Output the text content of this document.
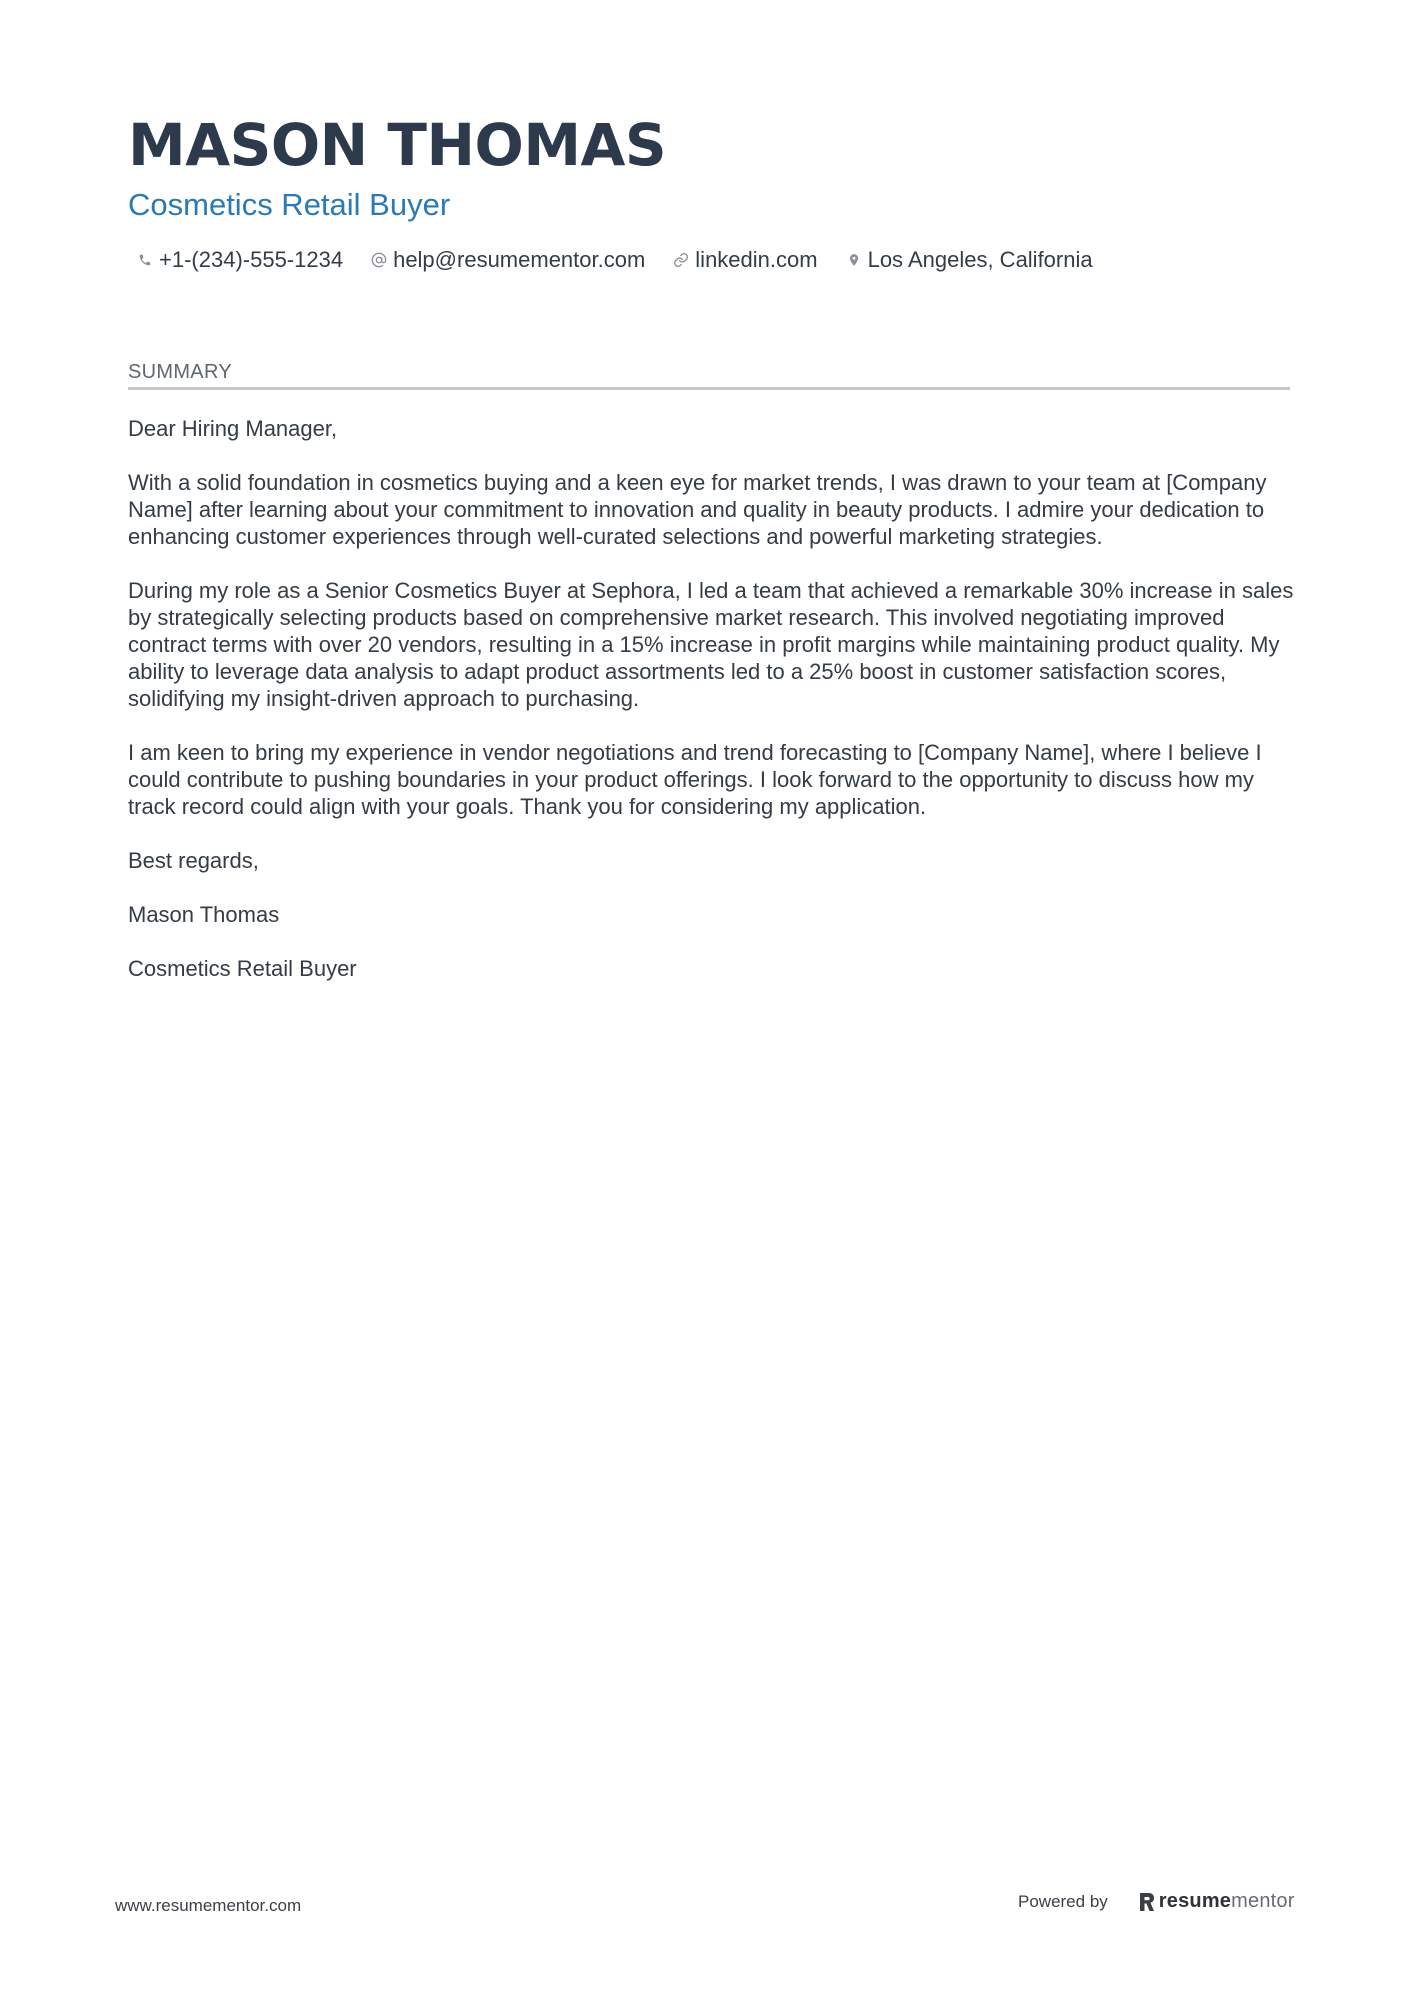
MASON THOMAS
Cosmetics Retail Buyer
+1-(234)-555-1234 help@resumementor.com linkedin.com Los Angeles, California
SUMMARY

Dear Hiring Manager,

With a solid foundation in cosmetics buying and a keen eye for market trends, I was drawn to your team at [Company Name] after learning about your commitment to innovation and quality in beauty products. I admire your dedication to enhancing customer experiences through well-curated selections and powerful marketing strategies.

During my role as a Senior Cosmetics Buyer at Sephora, I led a team that achieved a remarkable 30% increase in sales by strategically selecting products based on comprehensive market research. This involved negotiating improved contract terms with over 20 vendors, resulting in a 15% increase in profit margins while maintaining product quality. My ability to leverage data analysis to adapt product assortments led to a 25% boost in customer satisfaction scores, solidifying my insight-driven approach to purchasing.

I am keen to bring my experience in vendor negotiations and trend forecasting to [Company Name], where I believe I could contribute to pushing boundaries in your product offerings. I look forward to the opportunity to discuss how my track record could align with your goals. Thank you for considering my application.

Best regards,

Mason Thomas

Cosmetics Retail Buyer

www.resumementor.com	Powered by	resumementor
